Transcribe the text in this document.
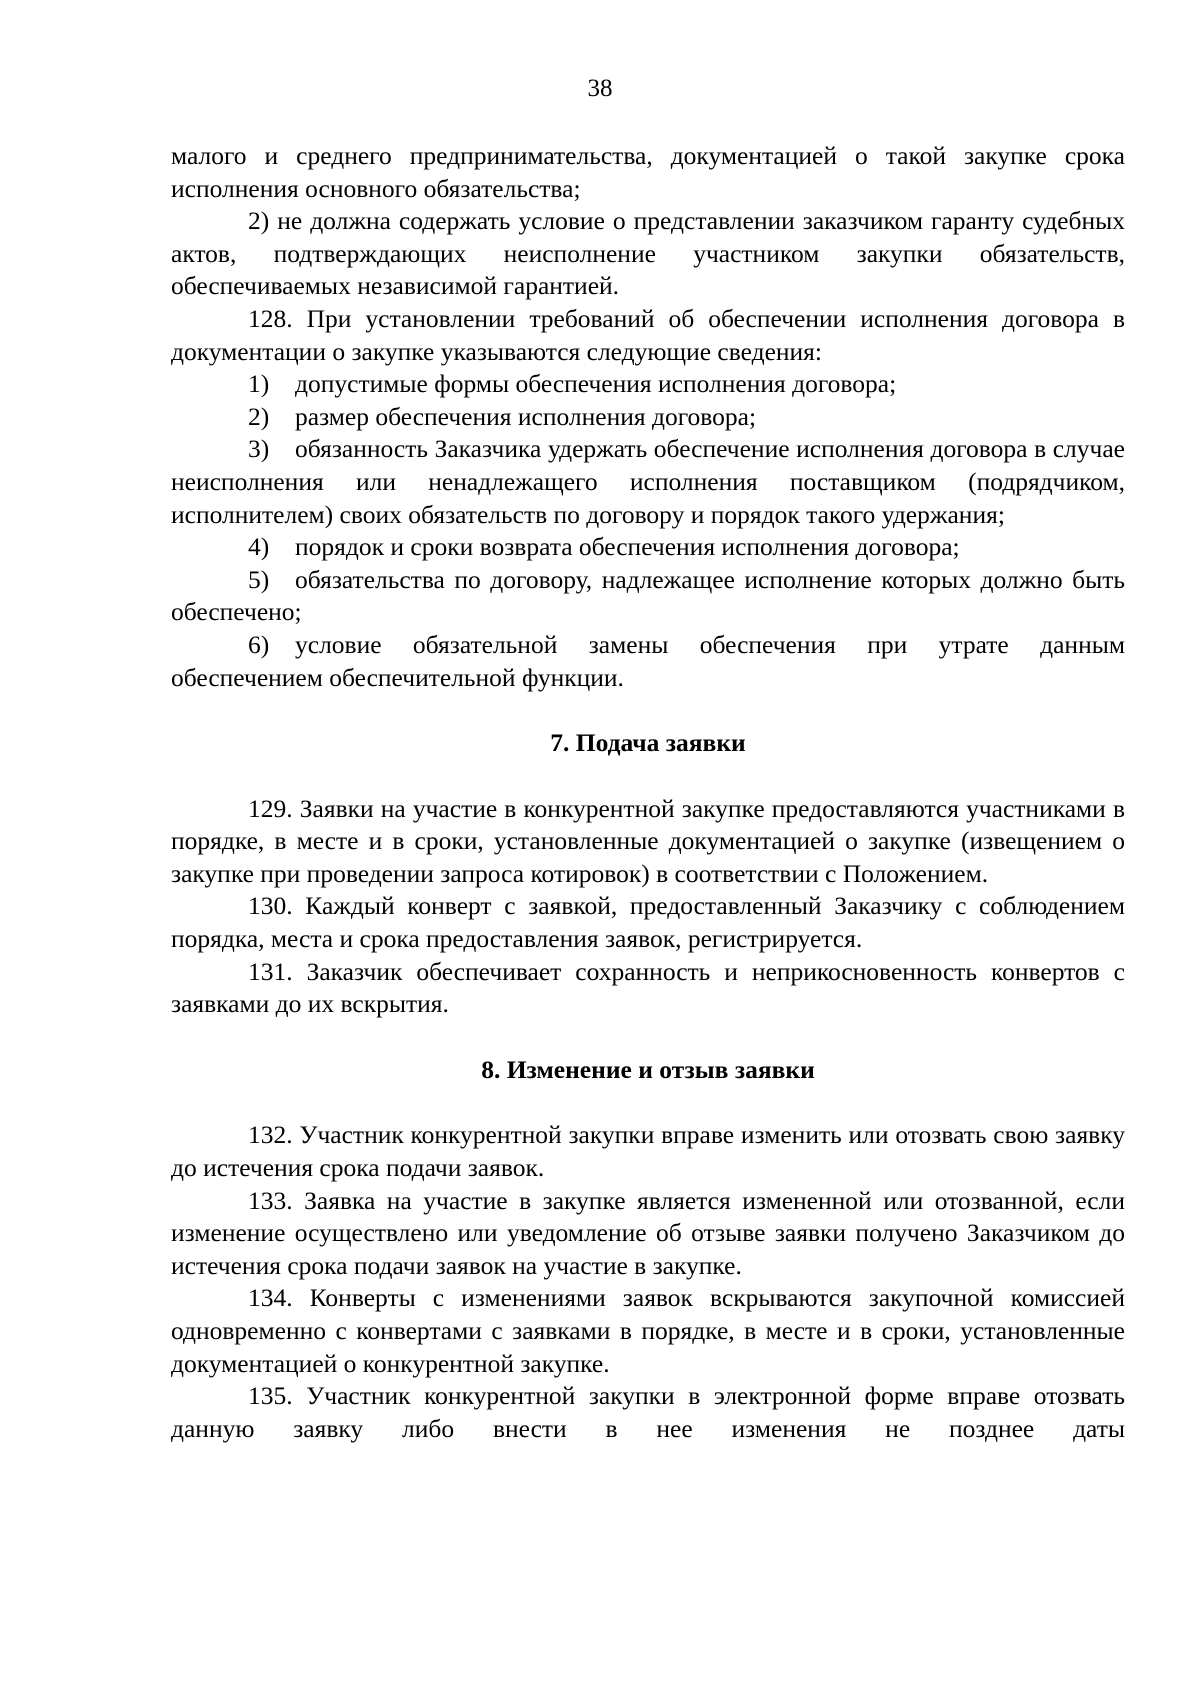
38

малого и среднего предпринимательства, документацией о такой закупке срока исполнения основного обязательства;

2) не должна содержать условие о представлении заказчиком гаранту судебных актов, подтверждающих неисполнение участником закупки обязательств, обеспечиваемых независимой гарантией.

128. При установлении требований об обеспечении исполнения договора в документации о закупке указываются следующие сведения:

1) допустимые формы обеспечения исполнения договора;

2) размер обеспечения исполнения договора;

3) обязанность Заказчика удержать обеспечение исполнения договора в случае неисполнения или ненадлежащего исполнения поставщиком (подрядчиком, исполнителем) своих обязательств по договору и порядок такого удержания;

4) порядок и сроки возврата обеспечения исполнения договора;

5) обязательства по договору, надлежащее исполнение которых должно быть обеспечено;

6) условие обязательной замены обеспечения при утрате данным обеспечением обеспечительной функции.

7. Подача заявки

129. Заявки на участие в конкурентной закупке предоставляются участниками в порядке, в месте и в сроки, установленные документацией о закупке (извещением о закупке при проведении запроса котировок) в соответствии с Положением.

130. Каждый конверт с заявкой, предоставленный Заказчику с соблюдением порядка, места и срока предоставления заявок, регистрируется.

131. Заказчик обеспечивает сохранность и неприкосновенность конвертов с заявками до их вскрытия.

8. Изменение и отзыв заявки

132. Участник конкурентной закупки вправе изменить или отозвать свою заявку до истечения срока подачи заявок.

133. Заявка на участие в закупке является измененной или отозванной, если изменение осуществлено или уведомление об отзыве заявки получено Заказчиком до истечения срока подачи заявок на участие в закупке.

134. Конверты с изменениями заявок вскрываются закупочной комиссией одновременно с конвертами с заявками в порядке, в месте и в сроки, установленные документацией о конкурентной закупке.

135. Участник конкурентной закупки в электронной форме вправе отозвать данную заявку либо внести в нее изменения не позднее даты
